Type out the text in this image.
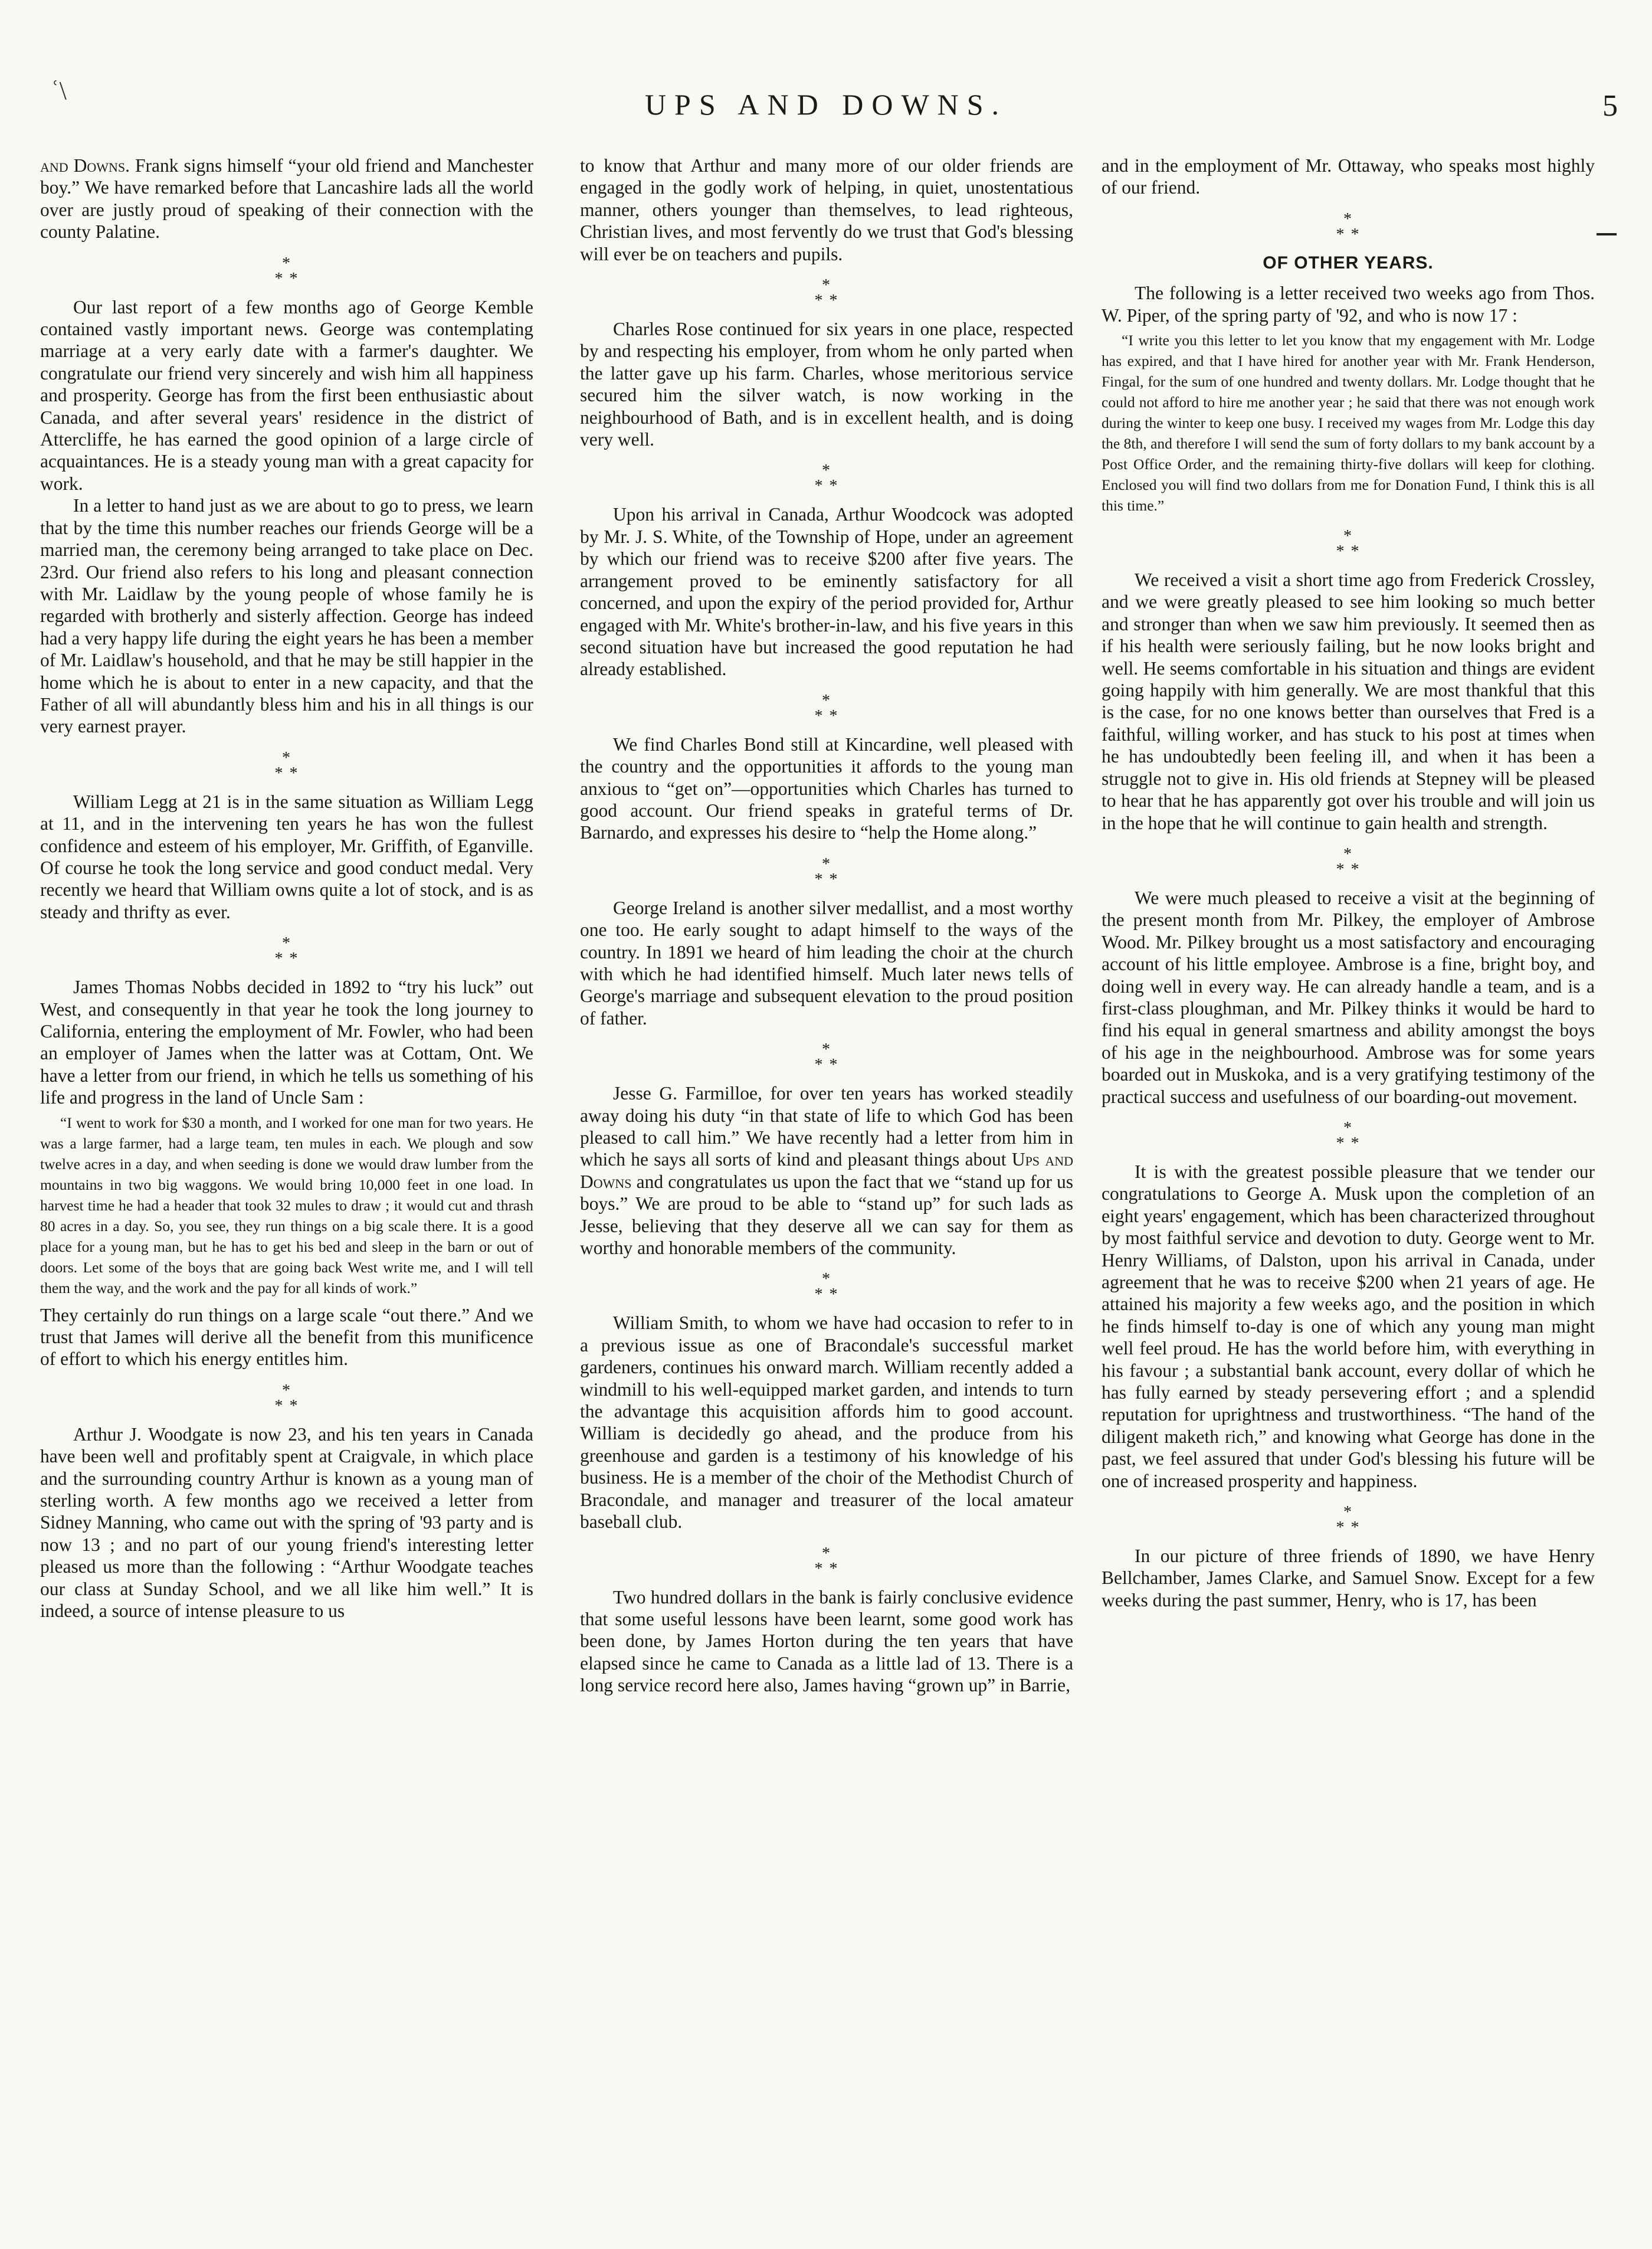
ʿ\	UPS AND DOWNS.	5

and Downs. Frank signs himself “your old friend and Manchester boy.” We have remarked before that Lancashire lads all the world over are justly proud of speaking of their connection with the county Palatine.

*
* *

Our last report of a few months ago of George Kemble contained vastly important news. George was contemplating marriage at a very early date with a farmer's daughter. We congratulate our friend very sincerely and wish him all happiness and prosperity. George has from the first been enthusiastic about Canada, and after several years' residence in the district of Attercliffe, he has earned the good opinion of a large circle of acquaintances. He is a steady young man with a great capacity for work.

In a letter to hand just as we are about to go to press, we learn that by the time this number reaches our friends George will be a married man, the ceremony being arranged to take place on Dec. 23rd. Our friend also refers to his long and pleasant connection with Mr. Laidlaw by the young people of whose family he is regarded with brotherly and sisterly affection. George has indeed had a very happy life during the eight years he has been a member of Mr. Laidlaw's household, and that he may be still happier in the home which he is about to enter in a new capacity, and that the Father of all will abundantly bless him and his in all things is our very earnest prayer.

*
* *

William Legg at 21 is in the same situation as William Legg at 11, and in the intervening ten years he has won the fullest confidence and esteem of his employer, Mr. Griffith, of Eganville. Of course he took the long service and good conduct medal. Very recently we heard that William owns quite a lot of stock, and is as steady and thrifty as ever.

*
* *

James Thomas Nobbs decided in 1892 to “try his luck” out West, and consequently in that year he took the long journey to California, entering the employment of Mr. Fowler, who had been an employer of James when the latter was at Cottam, Ont. We have a letter from our friend, in which he tells us something of his life and progress in the land of Uncle Sam :

“I went to work for $30 a month, and I worked for one man for two years. He was a large farmer, had a large team, ten mules in each. We plough and sow twelve acres in a day, and when seeding is done we would draw lumber from the mountains in two big waggons. We would bring 10,000 feet in one load. In harvest time he had a header that took 32 mules to draw ; it would cut and thrash 80 acres in a day. So, you see, they run things on a big scale there. It is a good place for a young man, but he has to get his bed and sleep in the barn or out of doors. Let some of the boys that are going back West write me, and I will tell them the way, and the work and the pay for all kinds of work.”

They certainly do run things on a large scale “out there.” And we trust that James will derive all the benefit from this munificence of effort to which his energy entitles him.

*
* *

Arthur J. Woodgate is now 23, and his ten years in Canada have been well and profitably spent at Craigvale, in which place and the surrounding country Arthur is known as a young man of sterling worth. A few months ago we received a letter from Sidney Manning, who came out with the spring of '93 party and is now 13 ; and no part of our young friend's interesting letter pleased us more than the following : “Arthur Woodgate teaches our class at Sunday School, and we all like him well.” It is indeed, a source of intense pleasure to us

to know that Arthur and many more of our older friends are engaged in the godly work of helping, in quiet, unostentatious manner, others younger than themselves, to lead righteous, Christian lives, and most fervently do we trust that God's blessing will ever be on teachers and pupils.

*
* *

Charles Rose continued for six years in one place, respected by and respecting his employer, from whom he only parted when the latter gave up his farm. Charles, whose meritorious service secured him the silver watch, is now working in the neighbourhood of Bath, and is in excellent health, and is doing very well.

*
* *

Upon his arrival in Canada, Arthur Woodcock was adopted by Mr. J. S. White, of the Township of Hope, under an agreement by which our friend was to receive $200 after five years. The arrangement proved to be eminently satisfactory for all concerned, and upon the expiry of the period provided for, Arthur engaged with Mr. White's brother-in-law, and his five years in this second situation have but increased the good reputation he had already established.

*
* *

We find Charles Bond still at Kincardine, well pleased with the country and the opportunities it affords to the young man anxious to “get on”—opportunities which Charles has turned to good account. Our friend speaks in grateful terms of Dr. Barnardo, and expresses his desire to “help the Home along.”

*
* *

George Ireland is another silver medallist, and a most worthy one too. He early sought to adapt himself to the ways of the country. In 1891 we heard of him leading the choir at the church with which he had identified himself. Much later news tells of George's marriage and subsequent elevation to the proud position of father.

*
* *

Jesse G. Farmilloe, for over ten years has worked steadily away doing his duty “in that state of life to which God has been pleased to call him.” We have recently had a letter from him in which he says all sorts of kind and pleasant things about Ups and Downs and congratulates us upon the fact that we “stand up for us boys.” We are proud to be able to “stand up” for such lads as Jesse, believing that they deserve all we can say for them as worthy and honorable members of the community.

*
* *

William Smith, to whom we have had occasion to refer to in a previous issue as one of Bracondale's successful market gardeners, continues his onward march. William recently added a windmill to his well-equipped market garden, and intends to turn the advantage this acquisition affords him to good account. William is decidedly go ahead, and the produce from his greenhouse and garden is a testimony of his knowledge of his business. He is a member of the choir of the Methodist Church of Bracondale, and manager and treasurer of the local amateur baseball club.

*
* *

Two hundred dollars in the bank is fairly conclusive evidence that some useful lessons have been learnt, some good work has been done, by James Horton during the ten years that have elapsed since he came to Canada as a little lad of 13. There is a long service record here also, James having “grown up” in Barrie,

and in the employment of Mr. Ottaway, who speaks most highly of our friend.

*
* *
OF OTHER YEARS.

The following is a letter received two weeks ago from Thos. W. Piper, of the spring party of '92, and who is now 17 :

“I write you this letter to let you know that my engagement with Mr. Lodge has expired, and that I have hired for another year with Mr. Frank Henderson, Fingal, for the sum of one hundred and twenty dollars. Mr. Lodge thought that he could not afford to hire me another year ; he said that there was not enough work during the winter to keep one busy. I received my wages from Mr. Lodge this day the 8th, and therefore I will send the sum of forty dollars to my bank account by a Post Office Order, and the remaining thirty-five dollars will keep for clothing. Enclosed you will find two dollars from me for Donation Fund, I think this is all this time.”

*
* *

We received a visit a short time ago from Frederick Crossley, and we were greatly pleased to see him looking so much better and stronger than when we saw him previously. It seemed then as if his health were seriously failing, but he now looks bright and well. He seems comfortable in his situation and things are evident going happily with him generally. We are most thankful that this is the case, for no one knows better than ourselves that Fred is a faithful, willing worker, and has stuck to his post at times when he has undoubtedly been feeling ill, and when it has been a struggle not to give in. His old friends at Stepney will be pleased to hear that he has apparently got over his trouble and will join us in the hope that he will continue to gain health and strength.

*
* *

We were much pleased to receive a visit at the beginning of the present month from Mr. Pilkey, the employer of Ambrose Wood. Mr. Pilkey brought us a most satisfactory and encouraging account of his little employee. Ambrose is a fine, bright boy, and doing well in every way. He can already handle a team, and is a first-class ploughman, and Mr. Pilkey thinks it would be hard to find his equal in general smartness and ability amongst the boys of his age in the neighbourhood. Ambrose was for some years boarded out in Muskoka, and is a very gratifying testimony of the practical success and usefulness of our boarding-out movement.

*
* *

It is with the greatest possible pleasure that we tender our congratulations to George A. Musk upon the completion of an eight years' engagement, which has been characterized throughout by most faithful service and devotion to duty. George went to Mr. Henry Williams, of Dalston, upon his arrival in Canada, under agreement that he was to receive $200 when 21 years of age. He attained his majority a few weeks ago, and the position in which he finds himself to-day is one of which any young man might well feel proud. He has the world before him, with everything in his favour ; a substantial bank account, every dollar of which he has fully earned by steady persevering effort ; and a splendid reputation for uprightness and trustworthiness. “The hand of the diligent maketh rich,” and knowing what George has done in the past, we feel assured that under God's blessing his future will be one of increased prosperity and happiness.

*
* *

In our picture of three friends of 1890, we have Henry Bellchamber, James Clarke, and Samuel Snow. Except for a few weeks during the past summer, Henry, who is 17, has been
